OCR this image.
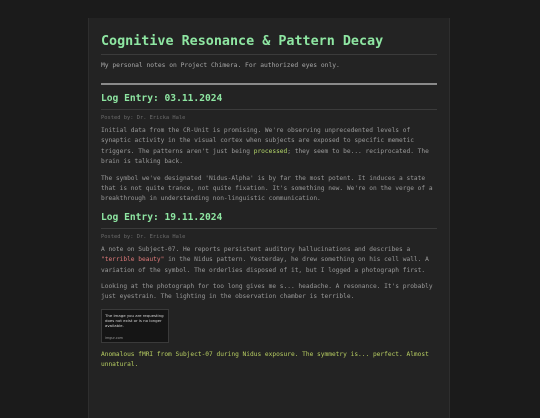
Cognitive Resonance & Pattern Decay
My personal notes on Project Chimera. For authorized eyes only.
Log Entry: 03.11.2024
Posted by: Dr. Ericka Hale

Initial data from the CR-Unit is promising. We're observing unprecedented levels of synaptic activity in the visual cortex when subjects are exposed to specific memetic triggers. The patterns aren't just being processed; they seem to be... reciprocated. The brain is talking back.

The symbol we've designated 'Nidus-Alpha' is by far the most potent. It induces a state that is not quite trance, not quite fixation. It's something new. We're on the verge of a breakthrough in understanding non-linguistic communication.

Log Entry: 19.11.2024
Posted by: Dr. Ericka Hale

A note on Subject-07. He reports persistent auditory hallucinations and describes a "terrible beauty" in the Nidus pattern. Yesterday, he drew something on his cell wall. A variation of the symbol. The orderlies disposed of it, but I logged a photograph first.

Looking at the photograph for too long gives me s... headache. A resonance. It's probably just eyestrain. The lighting in the observation chamber is terrible.

The image you are requesting does not exist or is no longer available.
imgur.com

Anomalous fMRI from Subject-07 during Nidus exposure. The symmetry is... perfect. Almost unnatural.
